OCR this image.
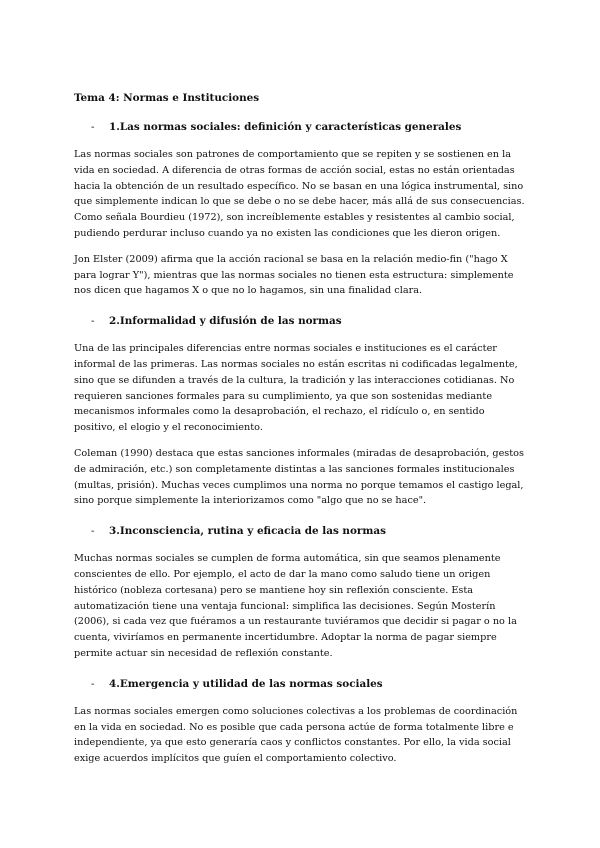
Tema 4: Normas e Instituciones
-	1.Las normas sociales: definición y características generales

Las normas sociales son patrones de comportamiento que se repiten y se sostienen en la vida en sociedad. A diferencia de otras formas de acción social, estas no están orientadas hacia la obtención de un resultado específico. No se basan en una lógica instrumental, sino que simplemente indican lo que se debe o no se debe hacer, más allá de sus consecuencias. Como señala Bourdieu (1972), son increíblemente estables y resistentes al cambio social, pudiendo perdurar incluso cuando ya no existen las condiciones que les dieron origen.

Jon Elster (2009) afirma que la acción racional se basa en la relación medio-fin ("hago X para lograr Y"), mientras que las normas sociales no tienen esta estructura: simplemente nos dicen que hagamos X o que no lo hagamos, sin una finalidad clara.

-	2.Informalidad y difusión de las normas

Una de las principales diferencias entre normas sociales e instituciones es el carácter informal de las primeras. Las normas sociales no están escritas ni codificadas legalmente, sino que se difunden a través de la cultura, la tradición y las interacciones cotidianas. No requieren sanciones formales para su cumplimiento, ya que son sostenidas mediante mecanismos informales como la desaprobación, el rechazo, el ridículo o, en sentido positivo, el elogio y el reconocimiento.

Coleman (1990) destaca que estas sanciones informales (miradas de desaprobación, gestos de admiración, etc.) son completamente distintas a las sanciones formales institucionales (multas, prisión). Muchas veces cumplimos una norma no porque temamos el castigo legal, sino porque simplemente la interiorizamos como "algo que no se hace".

-	3.Inconsciencia, rutina y eficacia de las normas

Muchas normas sociales se cumplen de forma automática, sin que seamos plenamente conscientes de ello. Por ejemplo, el acto de dar la mano como saludo tiene un origen histórico (nobleza cortesana) pero se mantiene hoy sin reflexión consciente. Esta automatización tiene una ventaja funcional: simplifica las decisiones. Según Mosterín (2006), si cada vez que fuéramos a un restaurante tuviéramos que decidir si pagar o no la cuenta, viviríamos en permanente incertidumbre. Adoptar la norma de pagar siempre permite actuar sin necesidad de reflexión constante.

-	4.Emergencia y utilidad de las normas sociales

Las normas sociales emergen como soluciones colectivas a los problemas de coordinación en la vida en sociedad. No es posible que cada persona actúe de forma totalmente libre e independiente, ya que esto generaría caos y conflictos constantes. Por ello, la vida social exige acuerdos implícitos que guíen el comportamiento colectivo.
